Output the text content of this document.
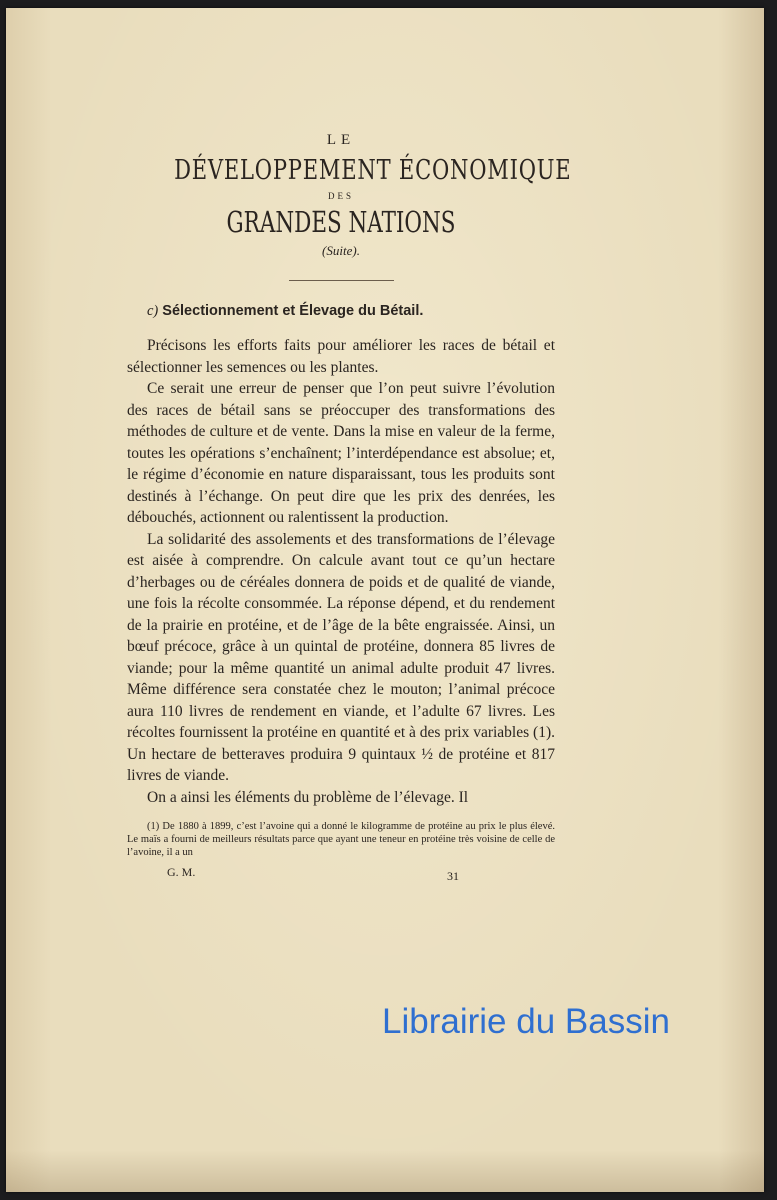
LE
DÉVELOPPEMENT ÉCONOMIQUE
DES
GRANDES NATIONS
(Suite).
c) Sélectionnement et Élevage du Bétail.

Précisons les efforts faits pour améliorer les races de bétail et sélectionner les semences ou les plantes.

Ce serait une erreur de penser que l’on peut suivre l’évolution des races de bétail sans se préoccuper des transformations des méthodes de culture et de vente. Dans la mise en valeur de la ferme, toutes les opérations s’enchaînent; l’interdépendance est absolue; et, le régime d’économie en nature disparaissant, tous les produits sont destinés à l’échange. On peut dire que les prix des denrées, les débouchés, actionnent ou ralentissent la production.

La solidarité des assolements et des transformations de l’élevage est aisée à comprendre. On calcule avant tout ce qu’un hectare d’herbages ou de céréales donnera de poids et de qualité de viande, une fois la récolte consommée. La réponse dépend, et du rendement de la prairie en protéine, et de l’âge de la bête engraissée. Ainsi, un bœuf précoce, grâce à un quintal de protéine, donnera 85 livres de viande; pour la même quantité un animal adulte produit 47 livres. Même différence sera constatée chez le mouton; l’animal précoce aura 110 livres de rendement en viande, et l’adulte 67 livres. Les récoltes fournissent la protéine en quantité et à des prix variables (1). Un hectare de betteraves produira 9 quintaux ½ de protéine et 817 livres de viande.

On a ainsi les éléments du problème de l’élevage. Il

(1) De 1880 à 1899, c’est l’avoine qui a donné le kilogramme de protéine au prix le plus élevé. Le maïs a fourni de meilleurs résultats parce que ayant une teneur en protéine très voisine de celle de l’avoine, il a un
G. M.	31
Librairie du Bassin
